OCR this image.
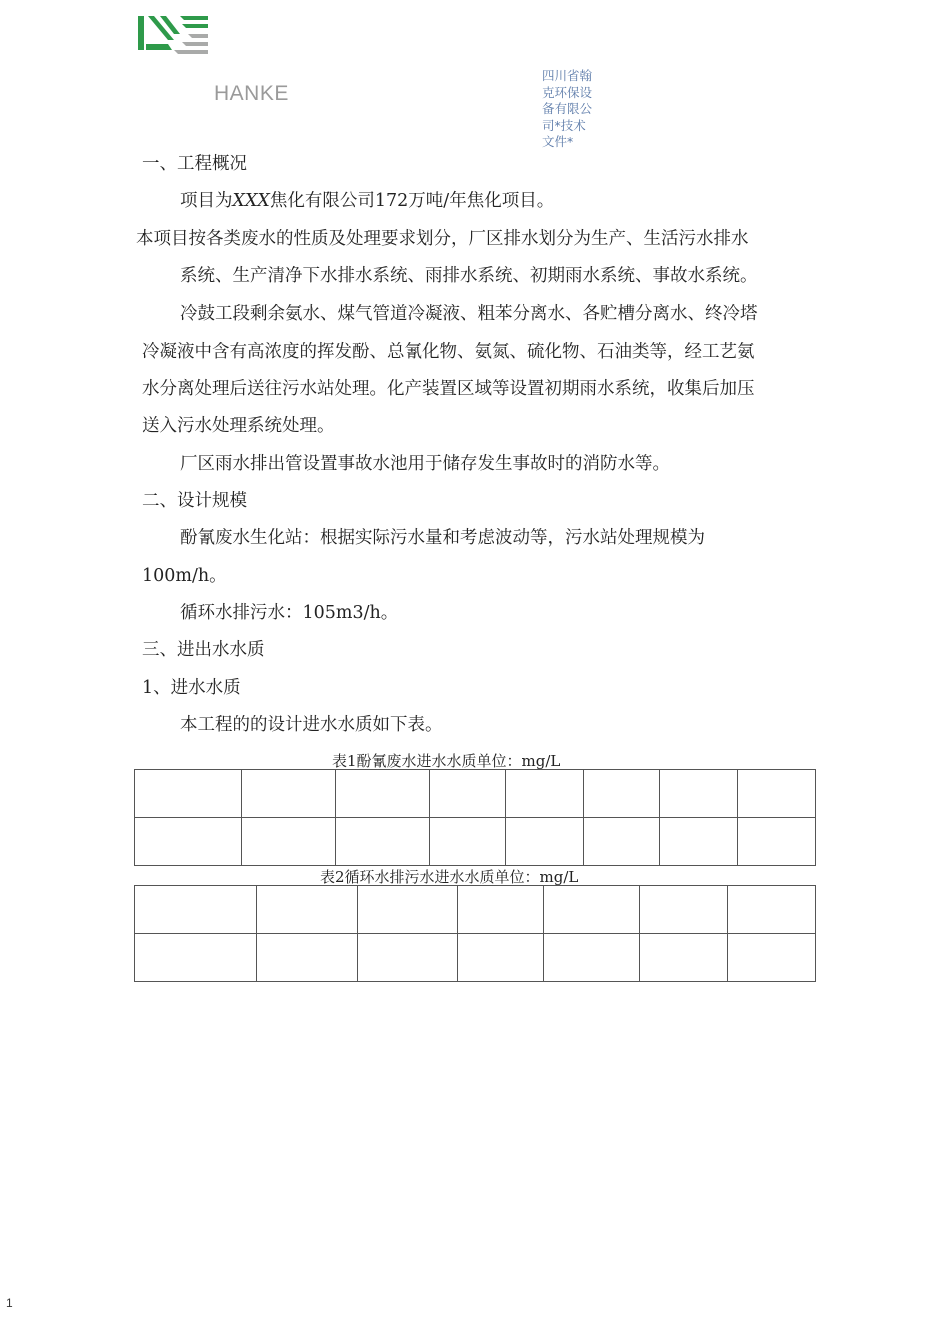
HANKE
四川省翰克环保设备有限公司*技术文件*
一、工程概况
项目为XXX焦化有限公司172万吨/年焦化项目。
本项目按各类废水的性质及处理要求划分，厂区排水划分为生产、生活污水排水
系统、生产清净下水排水系统、雨排水系统、初期雨水系统、事故水系统。
冷鼓工段剩余氨水、煤气管道冷凝液、粗苯分离水、各贮槽分离水、终冷塔
冷凝液中含有高浓度的挥发酚、总氰化物、氨氮、硫化物、石油类等，经工艺氨
水分离处理后送往污水站处理。化产装置区域等设置初期雨水系统，收集后加压
送入污水处理系统处理。
厂区雨水排出管设置事故水池用于储存发生事故时的消防水等。
二、设计规模
酚氰废水生化站：根据实际污水量和考虑波动等，污水站处理规模为
100m/h。
循环水排污水：105m3/h。
三、进出水水质
1、进水水质
本工程的的设计进水水质如下表。
表1酚氰废水进水水质单位：mg/L

表2循环水排污水进水水质单位：mg/L

1
